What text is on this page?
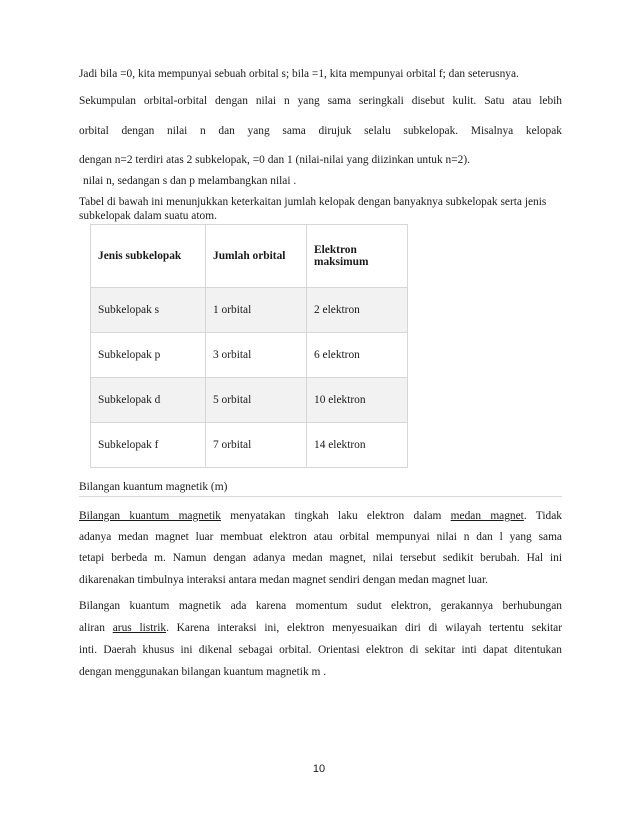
Jadi bila =0, kita mempunyai sebuah orbital s; bila =1, kita mempunyai orbital f; dan seterusnya.
Sekumpulan orbital-orbital dengan nilai n yang sama seringkali disebut kulit. Satu atau lebih
orbital dengan nilai n dan yang sama dirujuk selalu subkelopak. Misalnya kelopak
dengan n=2 terdiri atas 2 subkelopak, =0 dan 1 (nilai-nilai yang diizinkan untuk n=2).
nilai n, sedangan s dan p melambangkan nilai .
Tabel di bawah ini menunjukkan keterkaitan jumlah kelopak dengan banyaknya subkelopak serta jenis subkelopak dalam suatu atom.
Jenis subkelopak	Jumlah orbital	Elektron maksimum
Subkelopak s	1 orbital	2 elektron
Subkelopak p	3 orbital	6 elektron
Subkelopak d	5 orbital	10 elektron
Subkelopak f	7 orbital	14 elektron
Bilangan kuantum magnetik (m)
Bilangan kuantum magnetik menyatakan tingkah laku elektron dalam medan magnet. Tidak
adanya medan magnet luar membuat elektron atau orbital mempunyai nilai n dan l yang sama
tetapi berbeda m. Namun dengan adanya medan magnet, nilai tersebut sedikit berubah. Hal ini
dikarenakan timbulnya interaksi antara medan magnet sendiri dengan medan magnet luar.
Bilangan kuantum magnetik ada karena momentum sudut elektron, gerakannya berhubungan
aliran arus listrik. Karena interaksi ini, elektron menyesuaikan diri di wilayah tertentu sekitar
inti. Daerah khusus ini dikenal sebagai orbital. Orientasi elektron di sekitar inti dapat ditentukan
dengan menggunakan bilangan kuantum magnetik m .
10
